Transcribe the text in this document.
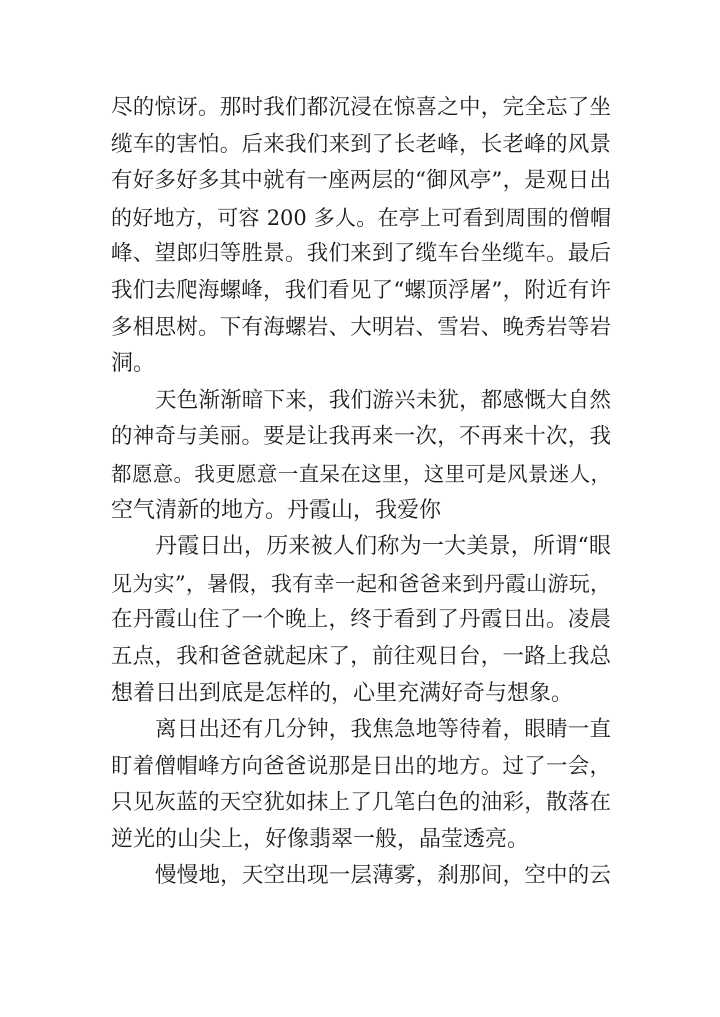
尽的惊讶。那时我们都沉浸在惊喜之中，完全忘了坐
缆车的害怕。后来我们来到了长老峰，长老峰的风景
有好多好多其中就有一座两层的“御风亭”，是观日出
的好地方，可容 200 多人。在亭上可看到周围的僧帽
峰、望郎归等胜景。我们来到了缆车台坐缆车。最后
我们去爬海螺峰，我们看见了“螺顶浮屠”，附近有许
多相思树。下有海螺岩、大明岩、雪岩、晚秀岩等岩
洞。
天色渐渐暗下来，我们游兴未犹，都感慨大自然
的神奇与美丽。要是让我再来一次，不再来十次，我
都愿意。我更愿意一直呆在这里，这里可是风景迷人，
空气清新的地方。丹霞山，我爱你
丹霞日出，历来被人们称为一大美景，所谓“眼
见为实”，暑假，我有幸一起和爸爸来到丹霞山游玩，
在丹霞山住了一个晚上，终于看到了丹霞日出。凌晨
五点，我和爸爸就起床了，前往观日台，一路上我总
想着日出到底是怎样的，心里充满好奇与想象。
离日出还有几分钟，我焦急地等待着，眼睛一直
盯着僧帽峰方向爸爸说那是日出的地方。过了一会，
只见灰蓝的天空犹如抹上了几笔白色的油彩，散落在
逆光的山尖上，好像翡翠一般，晶莹透亮。
慢慢地，天空出现一层薄雾，刹那间，空中的云
